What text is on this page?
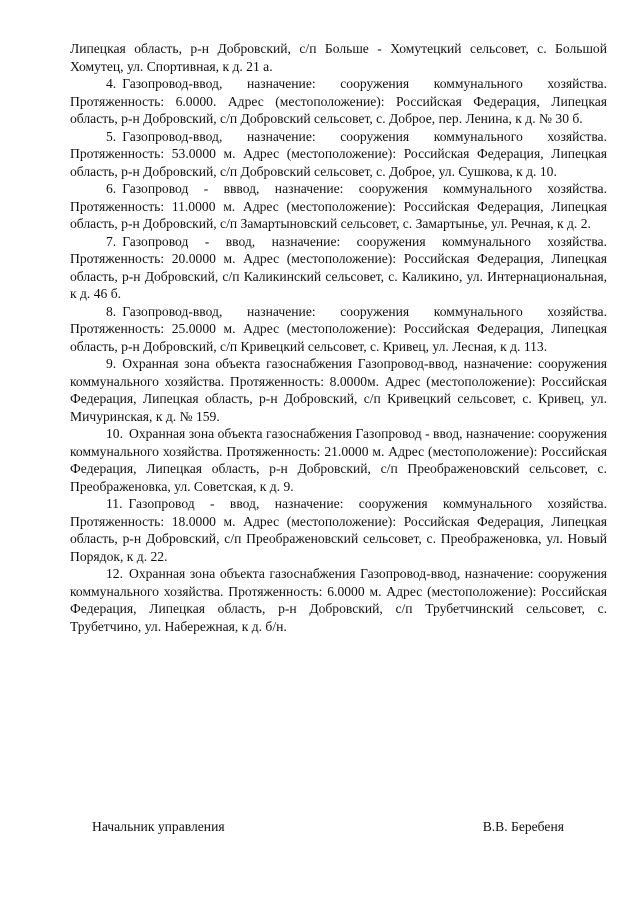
Липецкая область, р-н Добровский, с/п Больше - Хомутецкий сельсовет, с. Большой Хомутец, ул. Спортивная, к д. 21 а.

4. Газопровод-ввод, назначение: сооружения коммунального хозяйства. Протяженность: 6.0000. Адрес (местоположение): Российская Федерация, Липецкая область, р-н Добровский, с/п Добровский сельсовет, с. Доброе, пер. Ленина, к д. № 30 б.

5. Газопровод-ввод, назначение: сооружения коммунального хозяйства. Протяженность: 53.0000 м. Адрес (местоположение): Российская Федерация, Липецкая область, р-н Добровский, с/п Добровский сельсовет, с. Доброе, ул. Сушкова, к д. 10.

6. Газопровод - вввод, назначение: сооружения коммунального хозяйства. Протяженность: 11.0000 м. Адрес (местоположение): Российская Федерация, Липецкая область, р-н Добровский, с/п Замартыновский сельсовет, с. Замартынье, ул. Речная, к д. 2.

7. Газопровод - ввод, назначение: сооружения коммунального хозяйства. Протяженность: 20.0000 м. Адрес (местоположение): Российская Федерация, Липецкая область, р-н Добровский, с/п Каликинский сельсовет, с. Каликино, ул. Интернациональная, к д. 46 б.

8. Газопровод-ввод, назначение: сооружения коммунального хозяйства. Протяженность: 25.0000 м. Адрес (местоположение): Российская Федерация, Липецкая область, р-н Добровский, с/п Кривецкий сельсовет, с. Кривец, ул. Лесная, к д. 113.

9. Охранная зона объекта газоснабжения Газопровод-ввод, назначение: сооружения коммунального хозяйства. Протяженность: 8.0000м. Адрес (местоположение): Российская Федерация, Липецкая область, р-н Добровский, с/п Кривецкий сельсовет, с. Кривец, ул. Мичуринская, к д. № 159.

10. Охранная зона объекта газоснабжения Газопровод - ввод, назначение: сооружения коммунального хозяйства. Протяженность: 21.0000 м. Адрес (местоположение): Российская Федерация, Липецкая область, р-н Добровский, с/п Преображеновский сельсовет, с. Преображеновка, ул. Советская, к д. 9.

11. Газопровод - ввод, назначение: сооружения коммунального хозяйства. Протяженность: 18.0000 м. Адрес (местоположение): Российская Федерация, Липецкая область, р-н Добровский, с/п Преображеновский сельсовет, с. Преображеновка, ул. Новый Порядок, к д. 22.

12. Охранная зона объекта газоснабжения Газопровод-ввод, назначение: сооружения коммунального хозяйства. Протяженность: 6.0000 м. Адрес (местоположение): Российская Федерация, Липецкая область, р-н Добровский, с/п Трубетчинский сельсовет, с. Трубетчино, ул. Набережная, к д. б/н.

Начальник управления	В.В. Беребеня
